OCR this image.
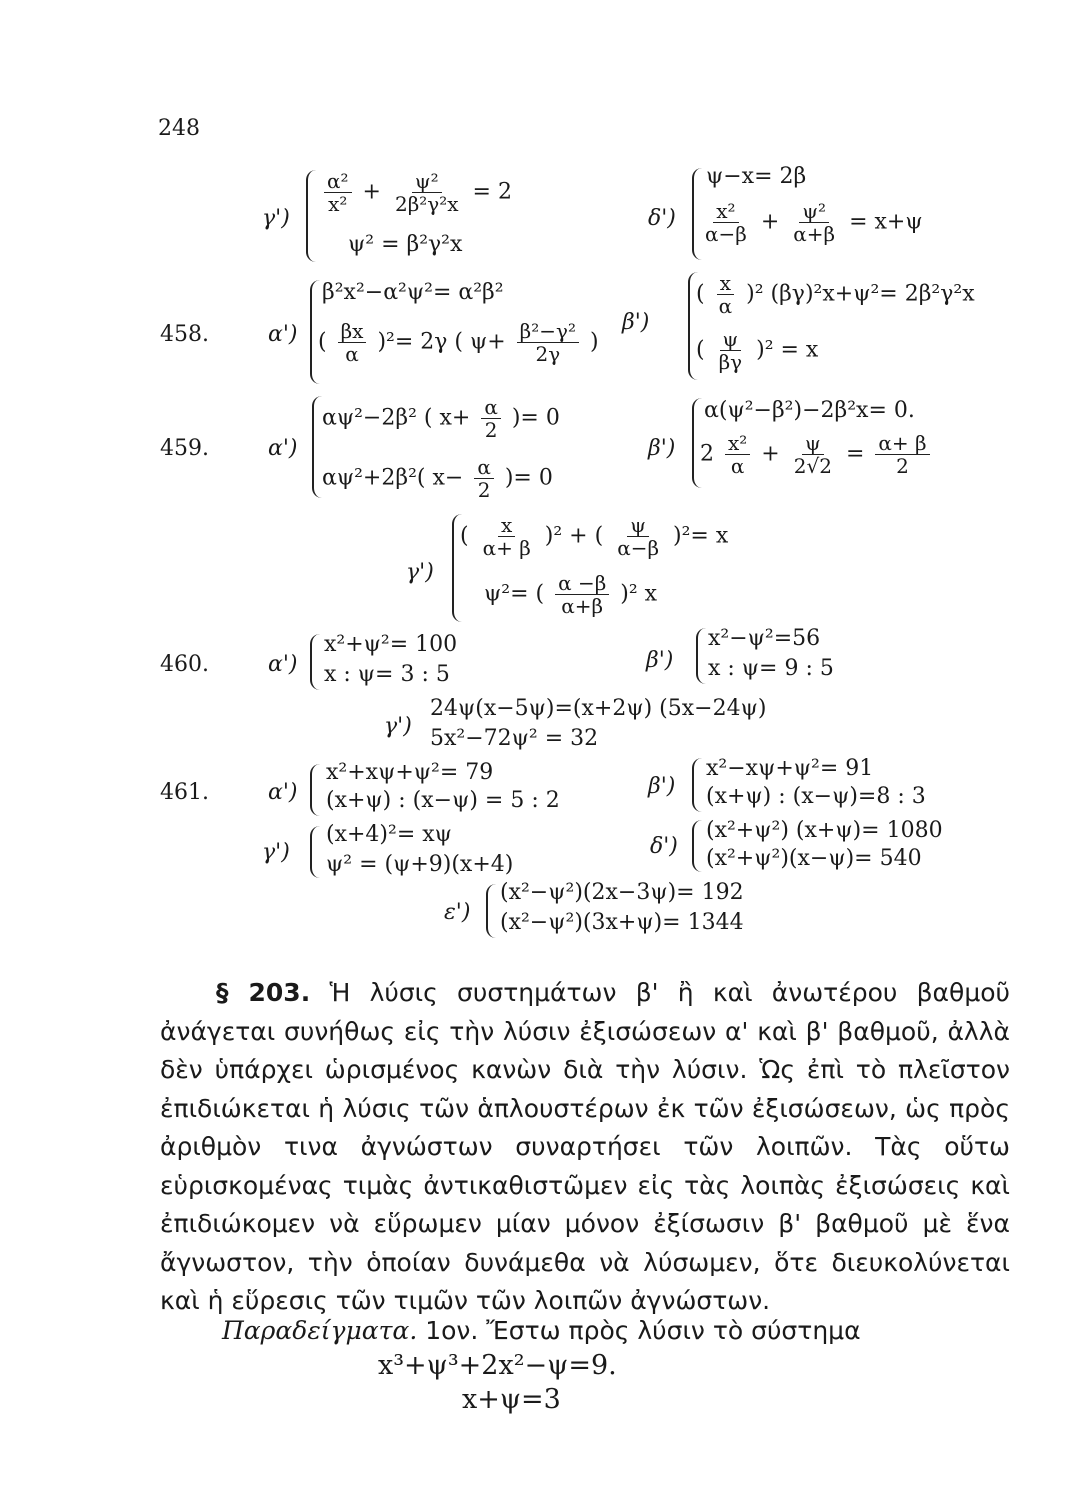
248
γ')
$\frac{\text{α²}}{\text{x²}} + \frac{\text{ψ²}}{\text{2β²γ²x}} = 2$
ψ² = β²γ²x
δ')
ψ−x= 2β
$\frac{\text{x²}}{\alpha-\beta} + \frac{\text{ψ²}}{\alpha+\beta} = x+\psi$
458.	α')
β²x²−α²ψ²= α²β²
( $\frac{\beta x}{\alpha} )^2= 2\gamma$ ( $\psi+ \frac{\text{β²−γ²}}{2\gamma}$ )
β')
( $\frac{x}{\alpha} )^2$ (βγ)²x+ψ²= 2β²γ²x
( $\frac{\psi}{\beta\gamma} )^2 = x$
459.	α')
αψ²−2β² ( $x+ \frac{\alpha}{2}$ )= 0
αψ²+2β²( $x- \frac{\alpha}{2}$ )= 0
β')
α(ψ²−β²)−2β²x= 0.
$2 \frac{\text{x²}}{\alpha} + \frac{\psi}{2√2} = \frac{\alpha+ \beta}{2}$
γ')
( $\frac{x}{\alpha+ \beta} )^2$ + ( $\frac{\psi}{\alpha-\beta} )^2= x$
ψ²= ( $\frac{\alpha -\beta}{\alpha+\beta} )^2$ x
460.	α')
x²+ψ²= 100
x : ψ= 3 : 5
β')
x²−ψ²=56
x : ψ= 9 : 5
γ')
24ψ(x−5ψ)=(x+2ψ) (5x−24ψ)
5x²−72ψ² = 32
461.	α')
x²+xψ+ψ²= 79
(x+ψ) : (x−ψ) = 5 : 2
β')
x²−xψ+ψ²= 91
(x+ψ) : (x−ψ)=8 : 3
γ')
(x+4)²= xψ
ψ² = (ψ+9)(x+4)
δ')
(x²+ψ²) (x+ψ)= 1080
(x²+ψ²)(x−ψ)= 540
ε')
(x²−ψ²)(2x−3ψ)= 192
(x²−ψ²)(3x+ψ)= 1344

§ 203. Ἡ λύσις συστημάτων β' ἢ καὶ ἀνωτέρου βαθμοῦ ἀνάγεται συνήθως εἰς τὴν λύσιν ἐξισώσεων α' καὶ β' βαθμοῦ, ἀλλὰ δὲν ὑπάρχει ὡρισμένος κανὼν διὰ τὴν λύσιν. Ὡς ἐπὶ τὸ πλεῖστον ἐπιδιώκεται ἡ λύσις τῶν ἁπλουστέρων ἐκ τῶν ἐξισώσεων, ὡς πρὸς ἀριθμὸν τινα ἀγνώστων συναρτήσει τῶν λοιπῶν. Τὰς οὕτω εὑρισκομένας τιμὰς ἀντικαθιστῶμεν εἰς τὰς λοιπὰς ἐξισώσεις καὶ ἐπιδιώκομεν νὰ εὕρωμεν μίαν μόνον ἐξίσωσιν β' βαθμοῦ μὲ ἕνα ἄγνωστον, τὴν ὁποίαν δυνάμεθα νὰ λύσωμεν, ὅτε διευκολύνεται καὶ ἡ εὕρεσις τῶν τιμῶν τῶν λοιπῶν ἀγνώστων.

Παραδείγματα. 1ον. Ἔστω πρὸς λύσιν τὸ σύστημα
x³+ψ³+2x²−ψ=9.
x+ψ=3
